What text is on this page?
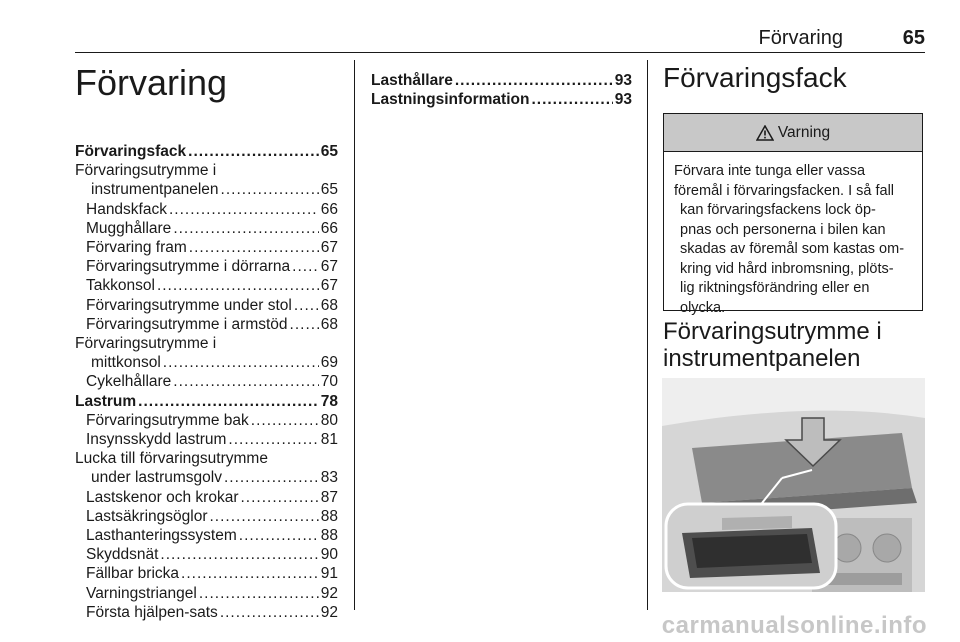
Förvaring	65
Förvaring
Förvaringsfack .....	65
Förvaringsutrymme i
instrumentpanelen .....	65
Handskfack .....	66
Mugghållare .....	66
Förvaring fram .....	67
Förvaringsutrymme i dörrarna ..... 67
Takkonsol .....	67
Förvaringsutrymme under stol ..... 68
Förvaringsutrymme i armstöd ..... 68
Förvaringsutrymme i
mittkonsol .....	69
Cykelhållare .....	70
Lastrum .....	78
Förvaringsutrymme bak .....	80
Insynsskydd lastrum .....	81
Lucka till förvaringsutrymme
under lastrumsgolv .....	83
Lastskenor och krokar .....	87
Lastsäkringsöglor .....	88
Lasthanteringssystem .....	88
Skyddsnät .....	90
Fällbar bricka .....	91
Varningstriangel .....	92
Första hjälpen-sats .....	92
Lasthållare .....	93
Lastningsinformation .....	93
Förvaringsfack
Varning
Förvara inte tunga eller vassa
föremål i förvaringsfacken. I så fall
kan förvaringsfackens lock öp-
pnas och personerna i bilen kan
skadas av föremål som kastas om-
kring vid hård inbromsning, plöts-
lig riktningsförändring eller en
olycka.
Förvaringsutrymme i
instrumentpanelen
carmanualsonline.info
